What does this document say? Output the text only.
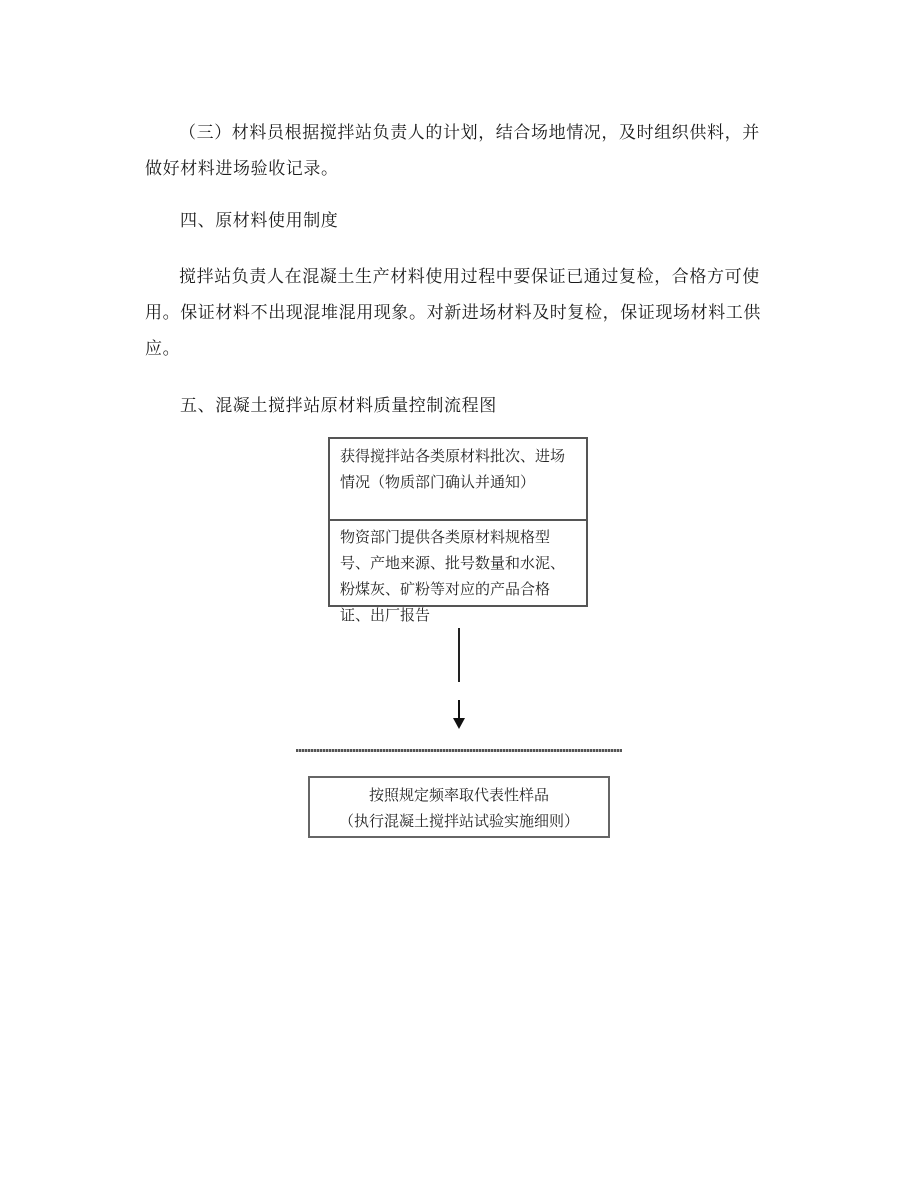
（三）材料员根据搅拌站负责人的计划，结合场地情况，及时组织供料，并做好材料进场验收记录。

四、原材料使用制度

搅拌站负责人在混凝土生产材料使用过程中要保证已通过复检，合格方可使用。保证材料不出现混堆混用现象。对新进场材料及时复检，保证现场材料工供应。

五、混凝土搅拌站原材料质量控制流程图

获得搅拌站各类原材料批次、进场情况（物质部门确认并通知）
物资部门提供各类原材料规格型号、产地来源、批号数量和水泥、粉煤灰、矿粉等对应的产品合格证、出厂报告
按照规定频率取代表性样品
（执行混凝土搅拌站试验实施细则）
